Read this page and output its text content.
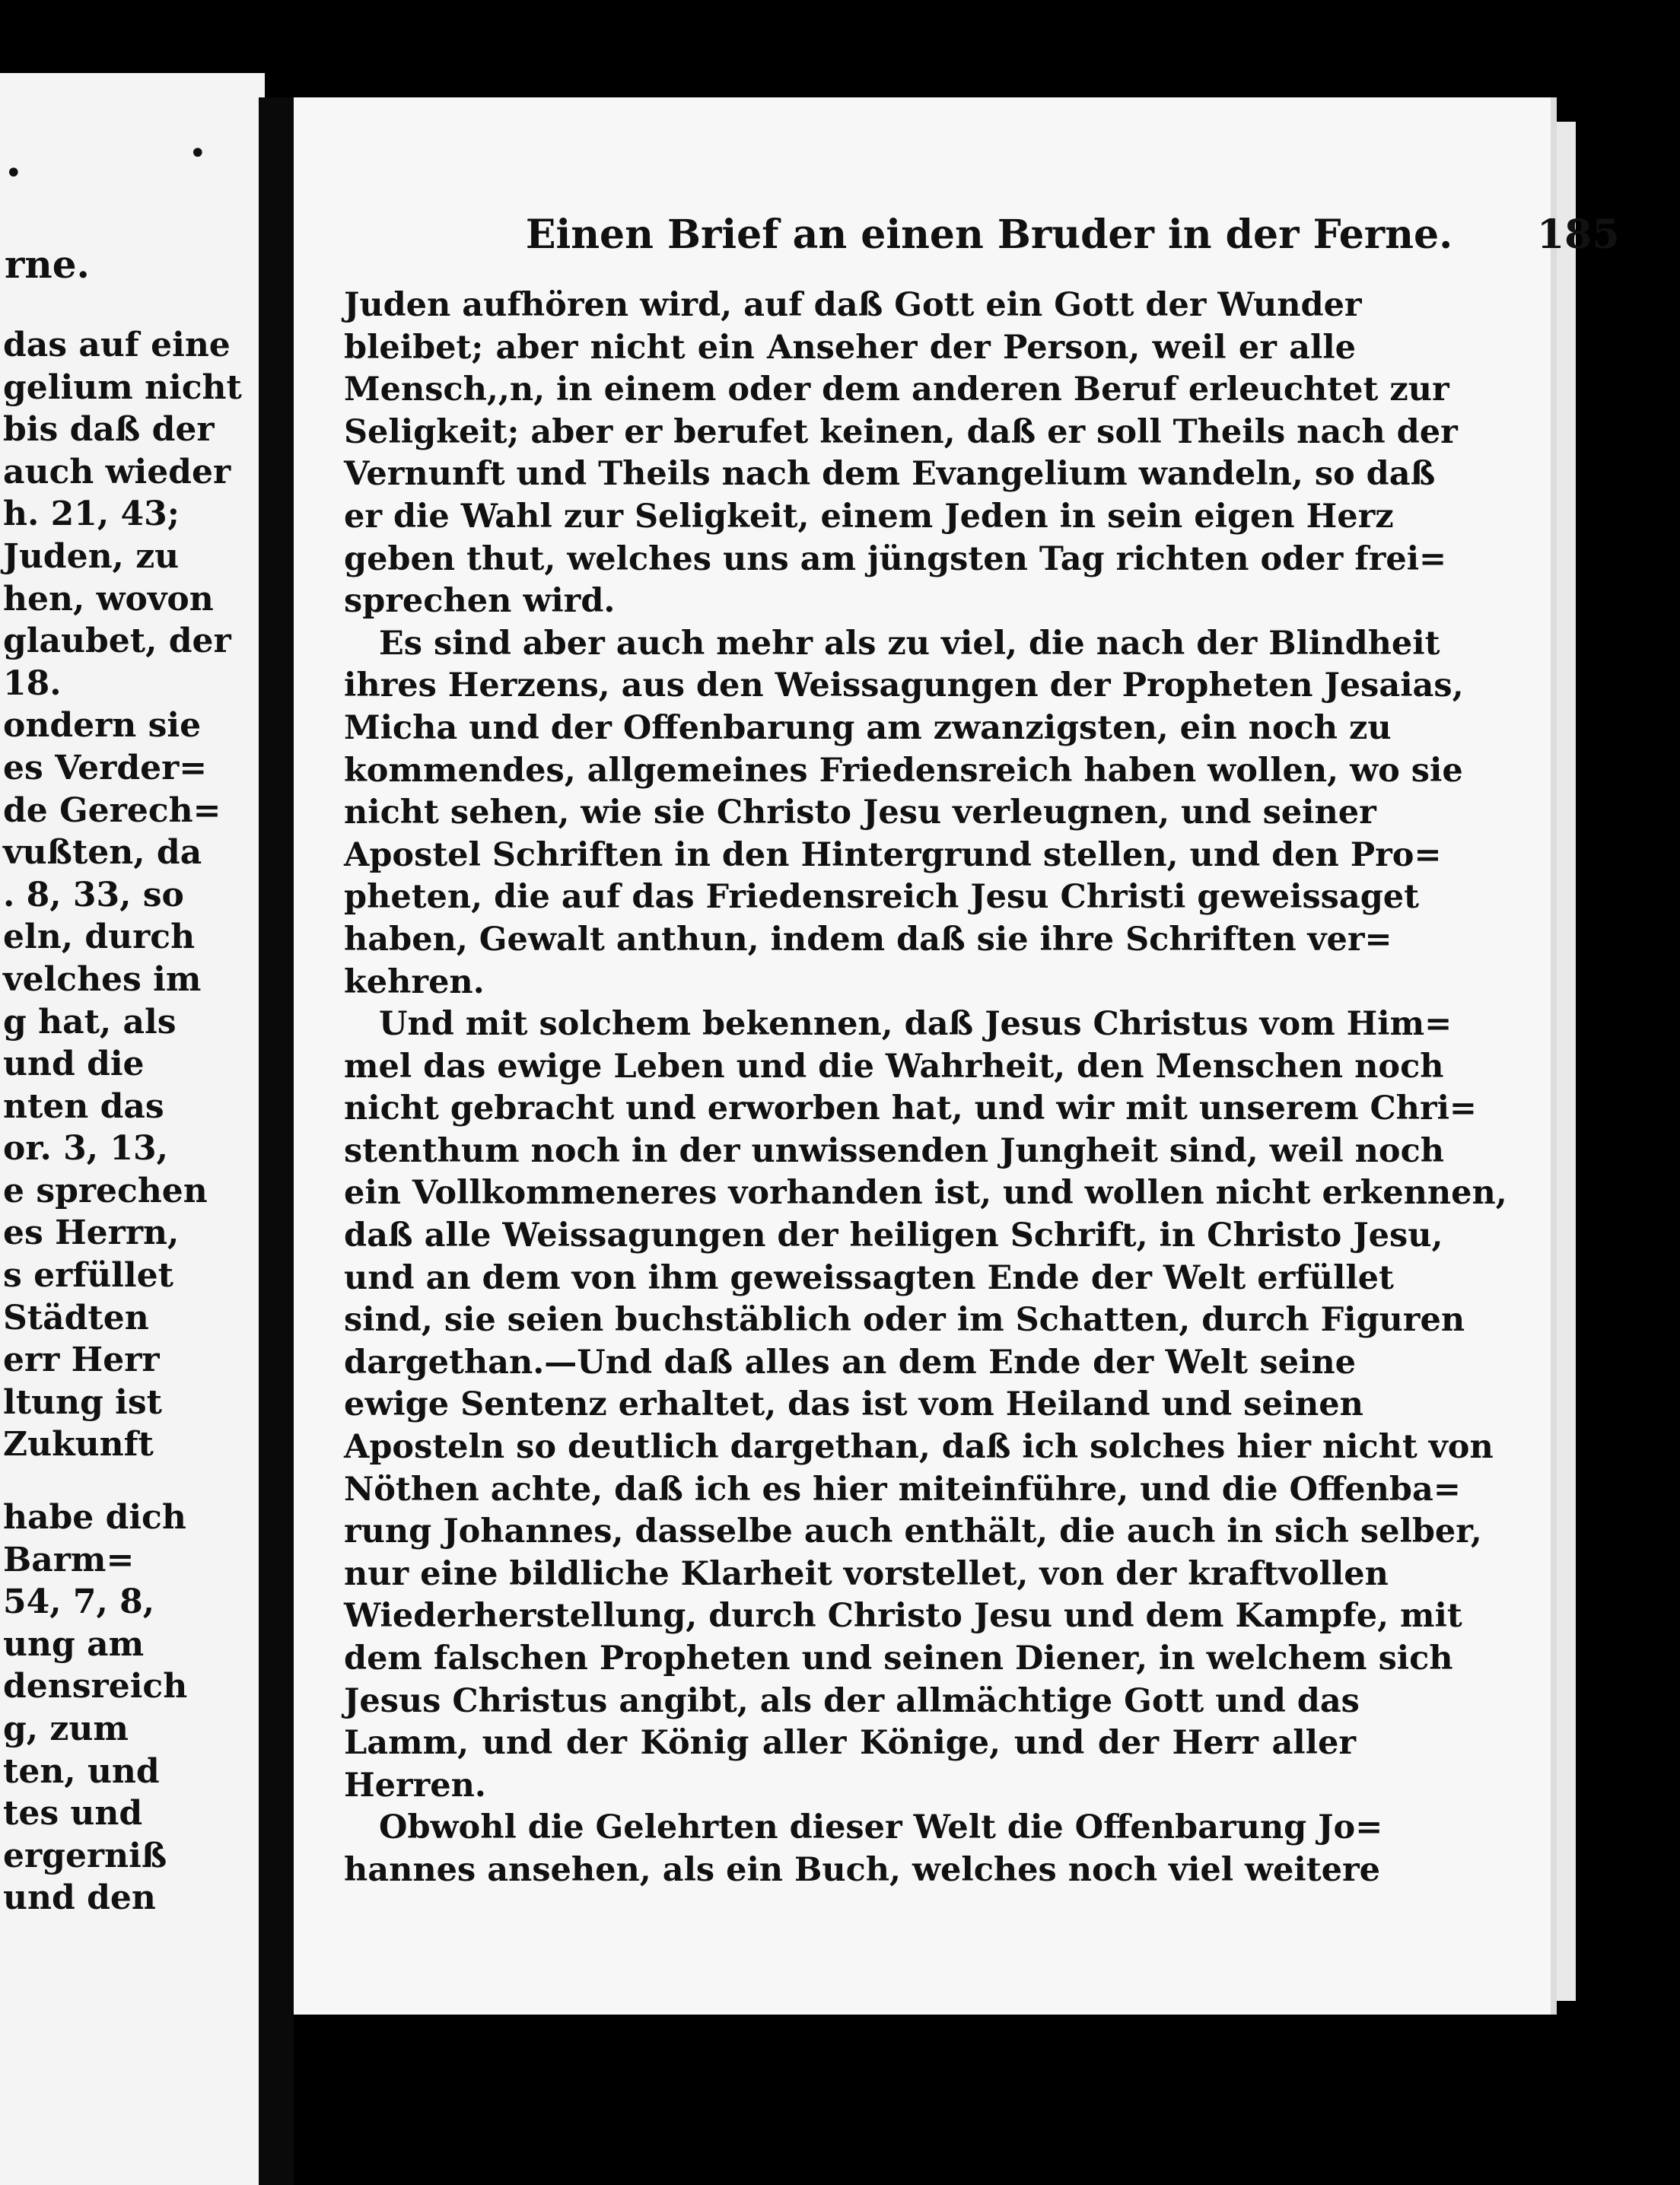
•
•
rne.
das auf eine
gelium nicht
bis daß der
auch wieder
h. 21, 43;
Juden, zu
hen, wovon
glaubet, der
18.
ondern sie
es Verder=
de Gerech=
vußten, da
. 8, 33, so
eln, durch
velches im
g hat, als
und die
nten das
or. 3, 13,
e sprechen
es Herrn,
s erfüllet
Städten
err Herr
ltung ist
Zukunft
habe dich
Barm=
54, 7, 8,
ung am
densreich
g, zum
ten, und
tes und
ergerniß
und den
Einen Brief an einen Bruder in der Ferne. 185
Juden aufhören wird, auf daß Gott ein Gott der Wunder
bleibet; aber nicht ein Ansеher der Person, weil er alle
Mensch,,n, in einem oder dem anderen Beruf erleuchtet zur
Seligkeit; aber er berufet keinen, daß er soll Theils nach der
Vernunft und Theils nach dem Evangelium wandeln, so daß
er die Wahl zur Seligkeit, einem Jeden in sein eigen Herz
geben thut, welches uns am jüngsten Tag richten oder frei=
sprechen wird.
Es sind aber auch mehr als zu viel, die nach der Blindheit
ihres Herzens, aus den Weissagungen der Propheten Jesaias,
Micha und der Offenbarung am zwanzigsten, ein noch zu
kommendes, allgemeines Friedensreich haben wollen, wo sie
nicht sehen, wie sie Christo Jesu verleugnen, und seiner
Apostel Schriften in den Hintergrund stellen, und den Pro=
pheten, die auf das Friedensreich Jesu Christi geweissaget
haben, Gewalt anthun, indem daß sie ihre Schriften ver=
kehren.
Und mit solchem bekennen, daß Jesus Christus vom Him=
mel das ewige Leben und die Wahrheit, den Menschen noch
nicht gebracht und erworben hat, und wir mit unserem Chri=
stenthum noch in der unwissenden Jungheit sind, weil noch
ein Vollkommeneres vorhanden ist, und wollen nicht erkennen,
daß alle Weissagungen der heiligen Schrift, in Christo Jesu,
und an dem von ihm geweissagten Ende der Welt erfüllet
sind, sie seien buchstäblich oder im Schatten, durch Figuren
dargethan.—Und daß alles an dem Ende der Welt seine
ewige Sentenz erhaltet, das ist vom Heiland und seinen
Aposteln so deutlich dargethan, daß ich solches hier nicht von
Nöthen achte, daß ich es hier miteinführe, und die Offenba=
rung Johannes, dasselbe auch enthält, die auch in sich selber,
nur eine bildliche Klarheit vorstellet, von der kraftvollen
Wiederherstellung, durch Christo Jesu und dem Kampfe, mit
dem falschen Propheten und seinen Diener, in welchem sich
Jesus Christus angibt, als der allmächtige Gott und das
Lamm, und der König aller Könige, und der Herr aller
Herren.
Obwohl die Gelehrten dieser Welt die Offenbarung Jo=
hannes ansehen, als ein Buch, welches noch viel weitere
